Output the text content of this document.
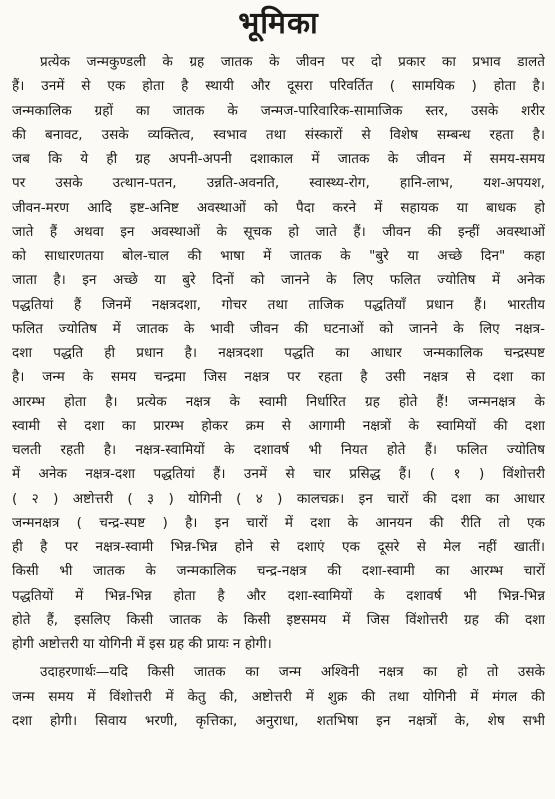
भूमिका
प्रत्येक जन्मकुण्डली के ग्रह जातक के जीवन पर दो प्रकार का प्रभाव डालते
हैं। उनमें से एक होता है स्थायी और दूसरा परिवर्तित ( सामयिक ) होता है।
जन्मकालिक ग्रहों का जातक के जन्मज-पारिवारिक-सामाजिक स्तर, उसके शरीर
की बनावट, उसके व्यक्तित्व, स्वभाव तथा संस्कारों से विशेष सम्बन्ध रहता है।
जब कि ये ही ग्रह अपनी-अपनी दशाकाल में जातक के जीवन में समय-समय
पर उसके उत्थान-पतन, उन्नति-अवनति, स्वास्थ्य-रोग, हानि-लाभ, यश-अपयश,
जीवन-मरण आदि इष्ट-अनिष्ट अवस्थाओं को पैदा करने में सहायक या बाधक हो
जाते हैं अथवा इन अवस्थाओं के सूचक हो जाते हैं। जीवन की इन्हीं अवस्थाओं
को साधारणतया बोल-चाल की भाषा में जातक के "बुरे या अच्छे दिन" कहा
जाता है। इन अच्छे या बुरे दिनों को जानने के लिए फलित ज्योतिष में अनेक
पद्धतियां हैं जिनमें नक्षत्रदशा, गोचर तथा ताजिक पद्धतियाँ प्रधान हैं। भारतीय
फलित ज्योतिष में जातक के भावी जीवन की घटनाओं को जानने के लिए नक्षत्र-
दशा पद्धति ही प्रधान है। नक्षत्रदशा पद्धति का आधार जन्मकालिक चन्द्रस्पष्ट
है। जन्म के समय चन्द्रमा जिस नक्षत्र पर रहता है उसी नक्षत्र से दशा का
आरम्भ होता है। प्रत्येक नक्षत्र के स्वामी निर्धारित ग्रह होते हैं! जन्मनक्षत्र के
स्वामी से दशा का प्रारम्भ होकर क्रम से आगामी नक्षत्रों के स्वामियों की दशा
चलती रहती है। नक्षत्र-स्वामियों के दशावर्ष भी नियत होते हैं। फलित ज्योतिष
में अनेक नक्षत्र-दशा पद्धतियां हैं। उनमें से चार प्रसिद्ध हैं। ( १ ) विंशोत्तरी
( २ ) अष्टोत्तरी ( ३ ) योगिनी ( ४ ) कालचक्र। इन चारों की दशा का आधार
जन्मनक्षत्र ( चन्द्र-स्पष्ट ) है। इन चारों में दशा के आनयन की रीति तो एक
ही है पर नक्षत्र-स्वामी भिन्न-भिन्न होने से दशाएं एक दूसरे से मेल नहीं खातीं।
किसी भी जातक के जन्मकालिक चन्द्र-नक्षत्र की दशा-स्वामी का आरम्भ चारों
पद्धतियों में भिन्न-भिन्न होता है और दशा-स्वामियों के दशावर्ष भी भिन्न-भिन्न
होते हैं, इसलिए किसी जातक के किसी इष्टसमय में जिस विंशोत्तरी ग्रह की दशा
होगी अष्टोत्तरी या योगिनी में इस ग्रह की प्रायः न होगी।
उदाहरणार्थः—यदि किसी जातक का जन्म अश्विनी नक्षत्र का हो तो उसके
जन्म समय में विंशोत्तरी में केतु की, अष्टोत्तरी में शुक्र की तथा योगिनी में मंगल की
दशा होगी। सिवाय भरणी, कृत्तिका, अनुराधा, शतभिषा इन नक्षत्रों के, शेष सभी
